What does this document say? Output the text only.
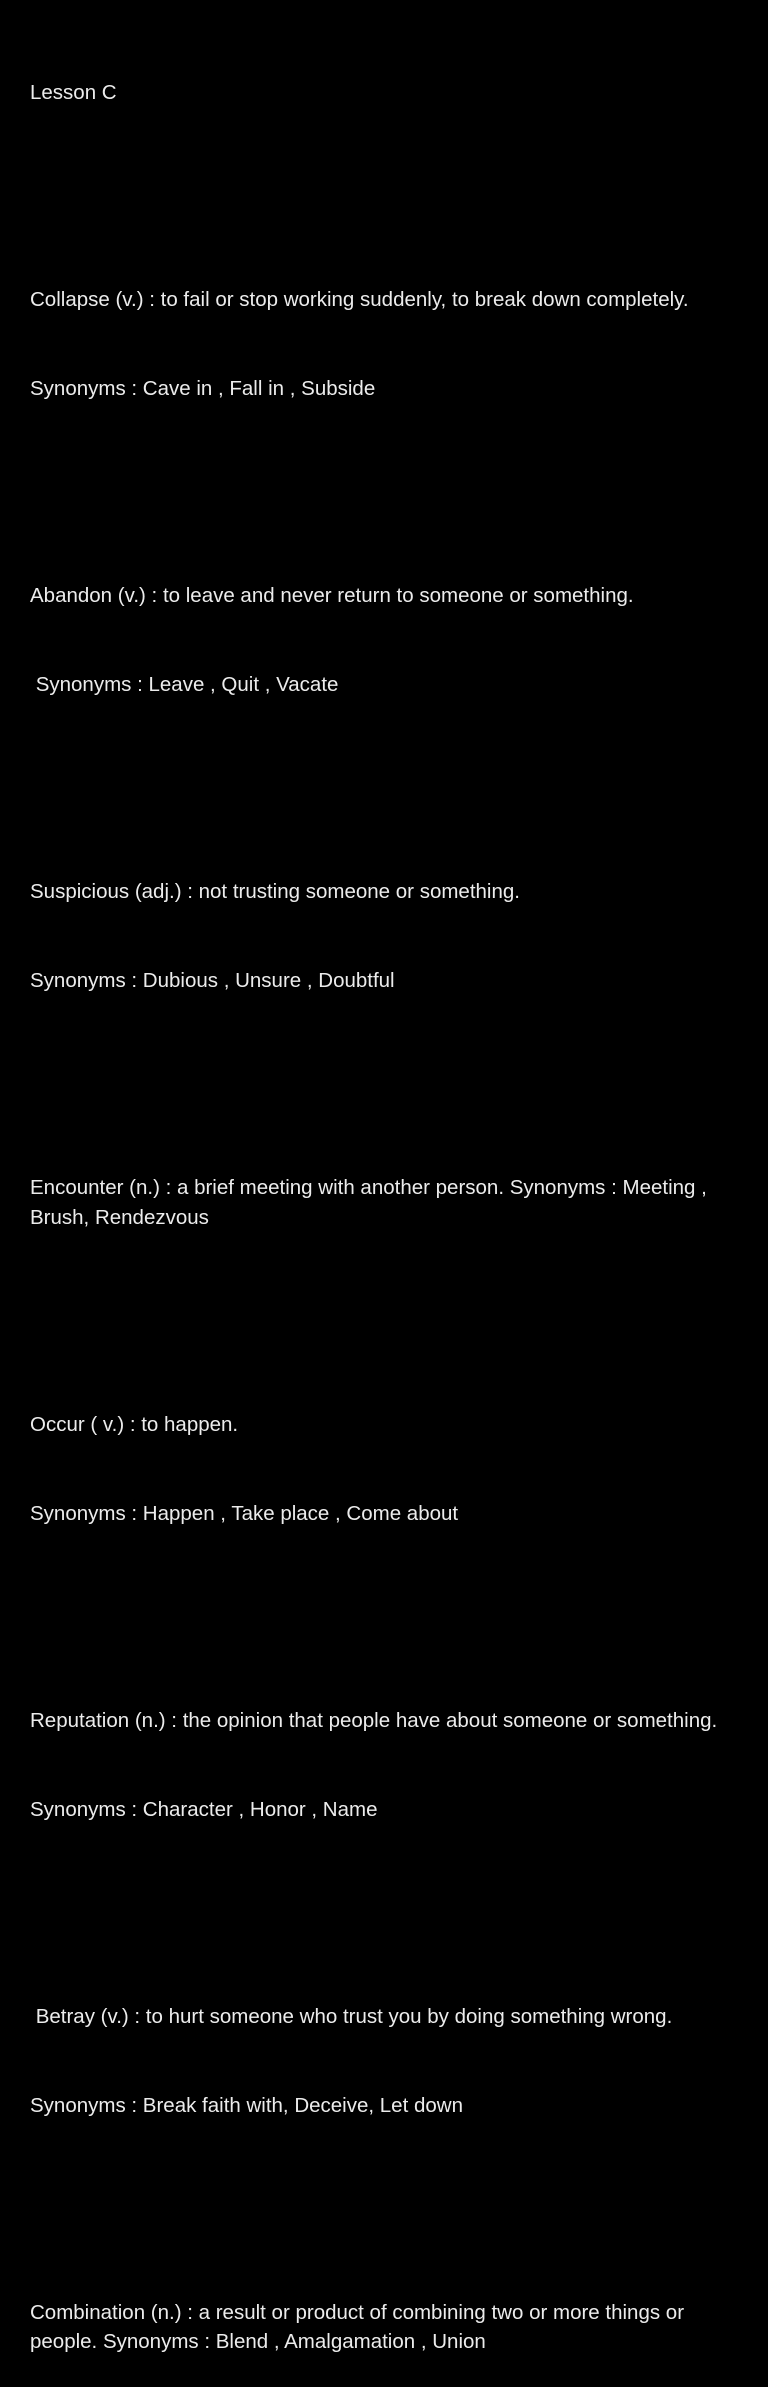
Lesson C

Collapse (v.) : to fail or stop working suddenly, to break down completely.

Synonyms : Cave in , Fall in , Subside

Abandon (v.) : to leave and never return to someone or something.

Synonyms : Leave , Quit , Vacate

Suspicious (adj.) : not trusting someone or something.

Synonyms : Dubious , Unsure , Doubtful

Encounter (n.) : a brief meeting with another person. Synonyms : Meeting , Brush, Rendezvous

Occur ( v.) : to happen.

Synonyms : Happen , Take place , Come about

Reputation (n.) : the opinion that people have about someone or something.

Synonyms : Character , Honor , Name

Betray (v.) : to hurt someone who trust you by doing something wrong.

Synonyms : Break faith with, Deceive, Let down

Combination (n.) : a result or product of combining two or more things or people. Synonyms : Blend , Amalgamation , Union
